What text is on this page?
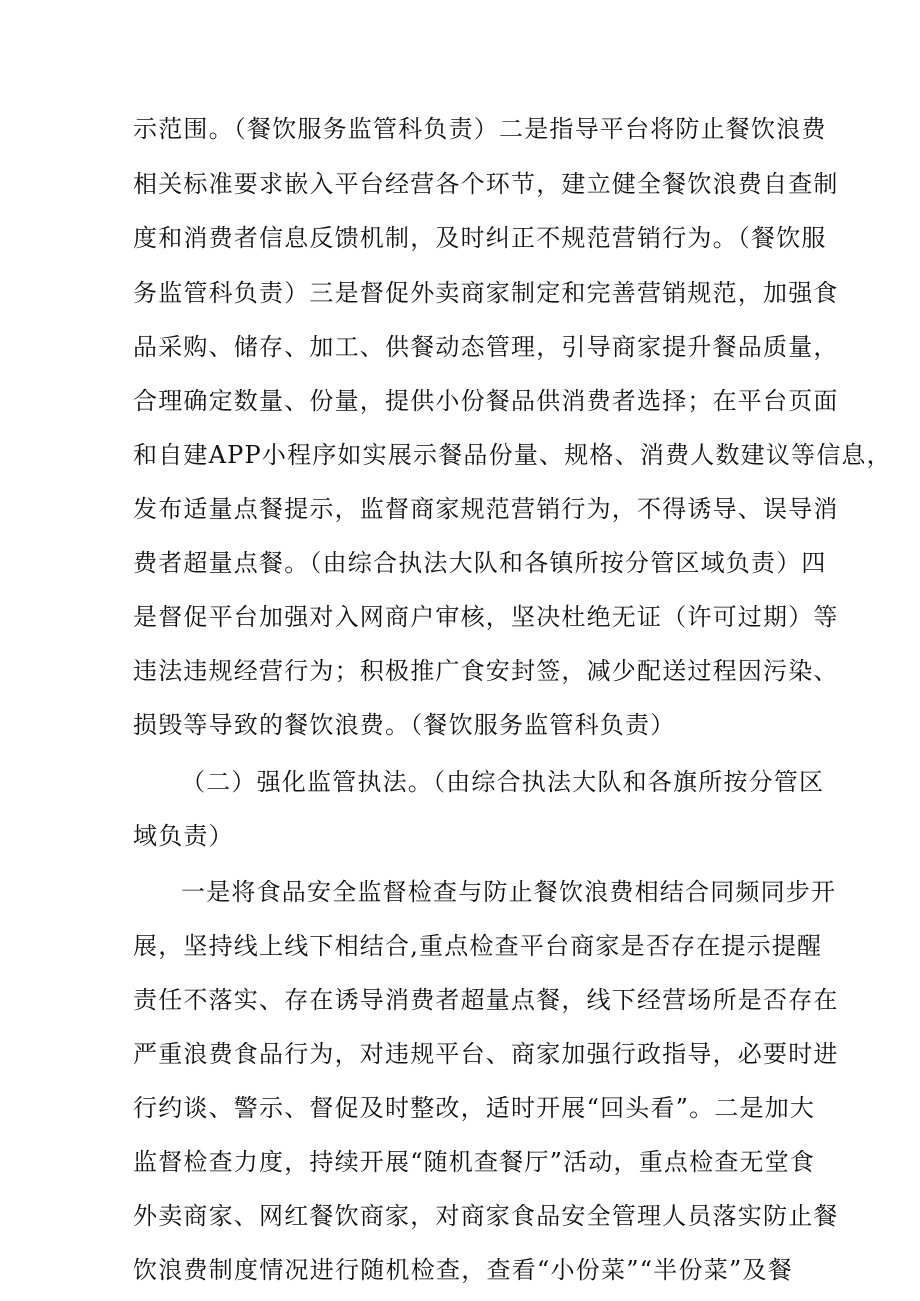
示范围。（餐饮服务监管科负责）二是指导平台将防止餐饮浪费
相关标准要求嵌入平台经营各个环节，建立健全餐饮浪费自查制
度和消费者信息反馈机制，及时纠正不规范营销行为。（餐饮服
务监管科负责）三是督促外卖商家制定和完善营销规范，加强食
品采购、储存、加工、供餐动态管理，引导商家提升餐品质量，
合理确定数量、份量，提供小份餐品供消费者选择；在平台页面
和自建APP小程序如实展示餐品份量、规格、消费人数建议等信息，
发布适量点餐提示，监督商家规范营销行为，不得诱导、误导消
费者超量点餐。（由综合执法大队和各镇所按分管区域负责）四
是督促平台加强对入网商户审核，坚决杜绝无证（许可过期）等
违法违规经营行为；积极推广食安封签，减少配送过程因污染、
损毁等导致的餐饮浪费。（餐饮服务监管科负责）
（二）强化监管执法。（由综合执法大队和各旗所按分管区
域负责）
一是将食品安全监督检查与防止餐饮浪费相结合同频同步开
展，坚持线上线下相结合,重点检查平台商家是否存在提示提醒
责任不落实、存在诱导消费者超量点餐，线下经营场所是否存在
严重浪费食品行为，对违规平台、商家加强行政指导，必要时进
行约谈、警示、督促及时整改，适时开展“回头看”。二是加大
监督检查力度，持续开展“随机查餐厅”活动，重点检查无堂食
外卖商家、网红餐饮商家，对商家食品安全管理人员落实防止餐
饮浪费制度情况进行随机检查，查看“小份菜”“半份菜”及餐
